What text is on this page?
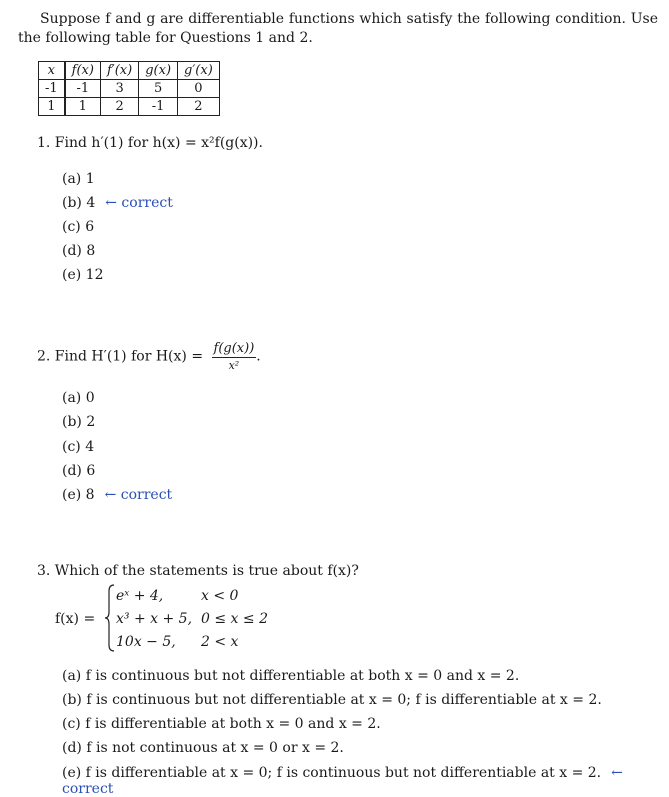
Suppose f and g are differentiable functions which satisfy the following condition. Use the following table for Questions 1 and 2.

x	f(x)	f′(x)	g(x)	g′(x)
-1	-1	3	5	0
1	1	2	-1	2
1. Find h′(1) for h(x) = x²f(g(x)).
(a) 1
(b) 4 ← correct
(c) 6
(d) 8
(e) 12
2. Find H′(1) for $H(x) = \frac{f(g(x))}{\text{x²}}$ .
(a) 0
(b) 2
(c) 4
(d) 6
(e) 8 ← correct
3. Which of the statements is true about f(x)?
f(x) =
eˣ + 4,	x < 0
x³ + x + 5, 0 ≤ x ≤ 2
10x − 5, 2 < x
(a) f is continuous but not differentiable at both x = 0 and x = 2.
(b) f is continuous but not differentiable at x = 0; f is differentiable at x = 2.
(c) f is differentiable at both x = 0 and x = 2.
(d) f is not continuous at x = 0 or x = 2.
(e) f is differentiable at x = 0; f is continuous but not differentiable at x = 2. ← correct
